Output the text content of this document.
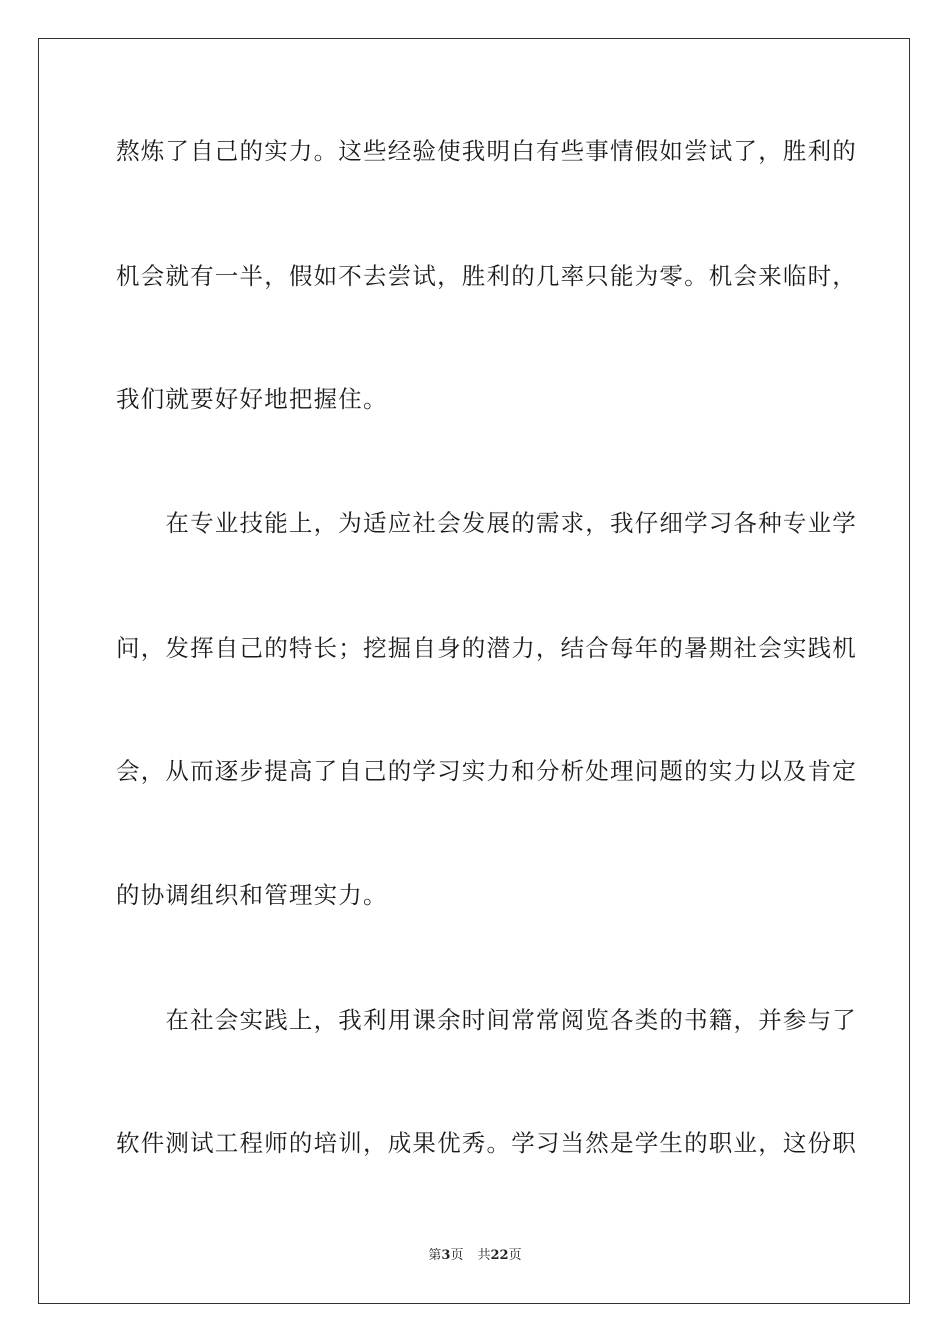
熬炼了自己的实力。这些经验使我明白有些事情假如尝试了，胜利的
机会就有一半，假如不去尝试，胜利的几率只能为零。机会来临时，
我们就要好好地把握住。
　　在专业技能上，为适应社会发展的需求，我仔细学习各种专业学
问，发挥自己的特长；挖掘自身的潜力，结合每年的暑期社会实践机
会，从而逐步提高了自己的学习实力和分析处理问题的实力以及肯定
的协调组织和管理实力。
　　在社会实践上，我利用课余时间常常阅览各类的书籍，并参与了
软件测试工程师的培训，成果优秀。学习当然是学生的职业，这份职
第3页 共22页
